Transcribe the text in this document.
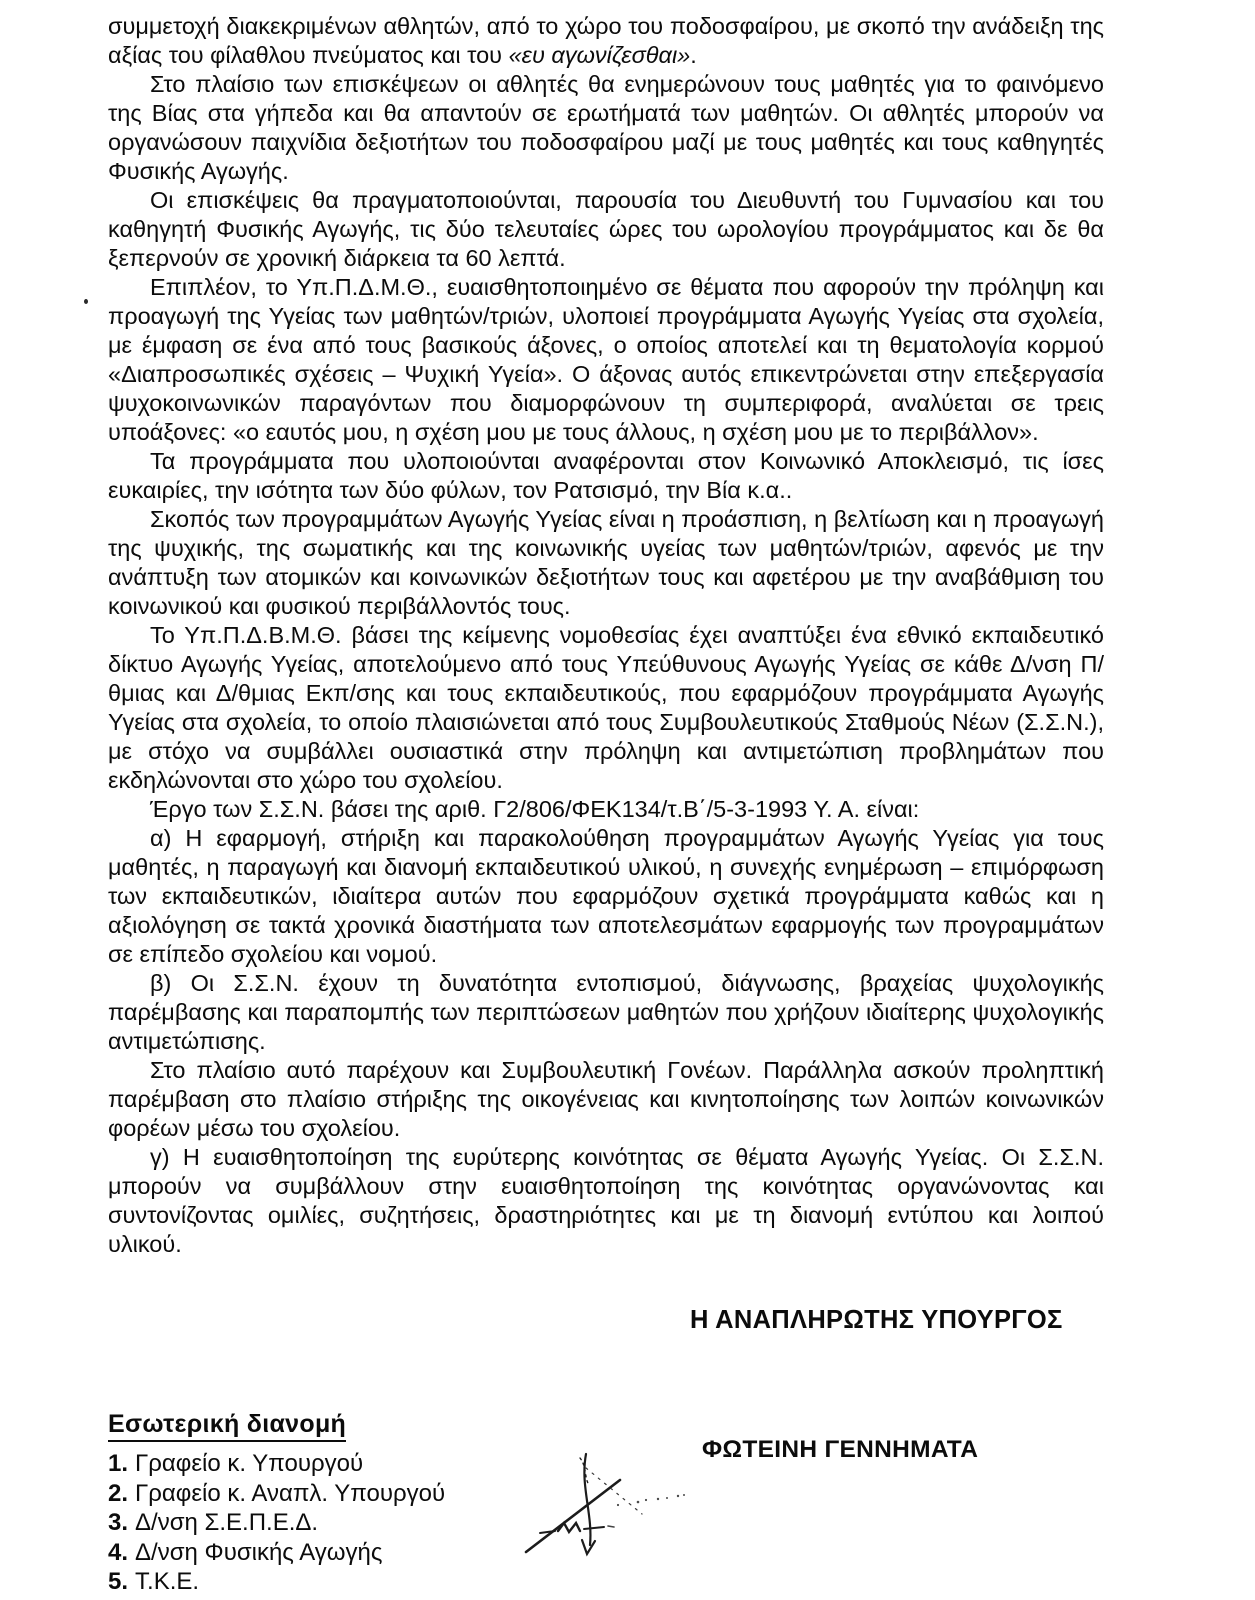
συμμετοχή διακεκριμένων αθλητών, από το χώρο του ποδοσφαίρου, με σκοπό την ανάδειξη της αξίας του φίλαθλου πνεύματος και του «ευ αγωνίζεσθαι».

Στο πλαίσιο των επισκέψεων οι αθλητές θα ενημερώνουν τους μαθητές για το φαινόμενο της Βίας στα γήπεδα και θα απαντούν σε ερωτήματά των μαθητών. Οι αθλητές μπορούν να οργανώσουν παιχνίδια δεξιοτήτων του ποδοσφαίρου μαζί με τους μαθητές και τους καθηγητές Φυσικής Αγωγής.

Οι επισκέψεις θα πραγματοποιούνται, παρουσία του Διευθυντή του Γυμνασίου και του καθηγητή Φυσικής Αγωγής, τις δύο τελευταίες ώρες του ωρολογίου προγράμματος και δε θα ξεπερνούν σε χρονική διάρκεια τα 60 λεπτά.

Επιπλέον, το Υπ.Π.Δ.Μ.Θ., ευαισθητοποιημένο σε θέματα που αφορούν την πρόληψη και προαγωγή της Υγείας των μαθητών/τριών, υλοποιεί προγράμματα Αγωγής Υγείας στα σχολεία, με έμφαση σε ένα από τους βασικούς άξονες, ο οποίος αποτελεί και τη θεματολογία κορμού «Διαπροσωπικές σχέσεις – Ψυχική Υγεία». Ο άξονας αυτός επικεντρώνεται στην επεξεργασία ψυχοκοινωνικών παραγόντων που διαμορφώνουν τη συμπεριφορά, αναλύεται σε τρεις υποάξονες: «ο εαυτός μου, η σχέση μου με τους άλλους, η σχέση μου με το περιβάλλον».

Τα προγράμματα που υλοποιούνται αναφέρονται στον Κοινωνικό Αποκλεισμό, τις ίσες ευκαιρίες, την ισότητα των δύο φύλων, τον Ρατσισμό, την Βία κ.α..

Σκοπός των προγραμμάτων Αγωγής Υγείας είναι η προάσπιση, η βελτίωση και η προαγωγή της ψυχικής, της σωματικής και της κοινωνικής υγείας των μαθητών/τριών, αφενός με την ανάπτυξη των ατομικών και κοινωνικών δεξιοτήτων τους και αφετέρου με την αναβάθμιση του κοινωνικού και φυσικού περιβάλλοντός τους.

Το Υπ.Π.Δ.Β.Μ.Θ. βάσει της κείμενης νομοθεσίας έχει αναπτύξει ένα εθνικό εκπαιδευτικό δίκτυο Αγωγής Υγείας, αποτελούμενο από τους Υπεύθυνους Αγωγής Υγείας σε κάθε Δ/νση Π/θμιας και Δ/θμιας Εκπ/σης και τους εκπαιδευτικούς, που εφαρμόζουν προγράμματα Αγωγής Υγείας στα σχολεία, το οποίο πλαισιώνεται από τους Συμβουλευτικούς Σταθμούς Νέων (Σ.Σ.Ν.), με στόχο να συμβάλλει ουσιαστικά στην πρόληψη και αντιμετώπιση προβλημάτων που εκδηλώνονται στο χώρο του σχολείου.

Έργο των Σ.Σ.Ν. βάσει της αριθ. Γ2/806/ΦΕΚ134/τ.Β΄/5-3-1993 Υ. Α. είναι:

α) Η εφαρμογή, στήριξη και παρακολούθηση προγραμμάτων Αγωγής Υγείας για τους μαθητές, η παραγωγή και διανομή εκπαιδευτικού υλικού, η συνεχής ενημέρωση – επιμόρφωση των εκπαιδευτικών, ιδιαίτερα αυτών που εφαρμόζουν σχετικά προγράμματα καθώς και η αξιολόγηση σε τακτά χρονικά διαστήματα των αποτελεσμάτων εφαρμογής των προγραμμάτων σε επίπεδο σχολείου και νομού.

β) Οι Σ.Σ.Ν. έχουν τη δυνατότητα εντοπισμού, διάγνωσης, βραχείας ψυχολογικής παρέμβασης και παραπομπής των περιπτώσεων μαθητών που χρήζουν ιδιαίτερης ψυχολογικής αντιμετώπισης.

Στο πλαίσιο αυτό παρέχουν και Συμβουλευτική Γονέων. Παράλληλα ασκούν προληπτική παρέμβαση στο πλαίσιο στήριξης της οικογένειας και κινητοποίησης των λοιπών κοινωνικών φορέων μέσω του σχολείου.

γ) Η ευαισθητοποίηση της ευρύτερης κοινότητας σε θέματα Αγωγής Υγείας. Οι Σ.Σ.Ν. μπορούν να συμβάλλουν στην ευαισθητοποίηση της κοινότητας οργανώνοντας και συντονίζοντας ομιλίες, συζητήσεις, δραστηριότητες και με τη διανομή εντύπου και λοιπού υλικού.

Η ΑΝΑΠΛΗΡΩΤΗΣ ΥΠΟΥΡΓΟΣ
Εσωτερική διανομή
1. Γραφείο κ. Υπουργού
2. Γραφείο κ. Αναπλ. Υπουργού
3. Δ/νση Σ.Ε.Π.Ε.Δ.
4. Δ/νση Φυσικής Αγωγής
5. Τ.Κ.Ε.
ΦΩΤΕΙΝΗ ΓΕΝΝΗΜΑΤΑ
